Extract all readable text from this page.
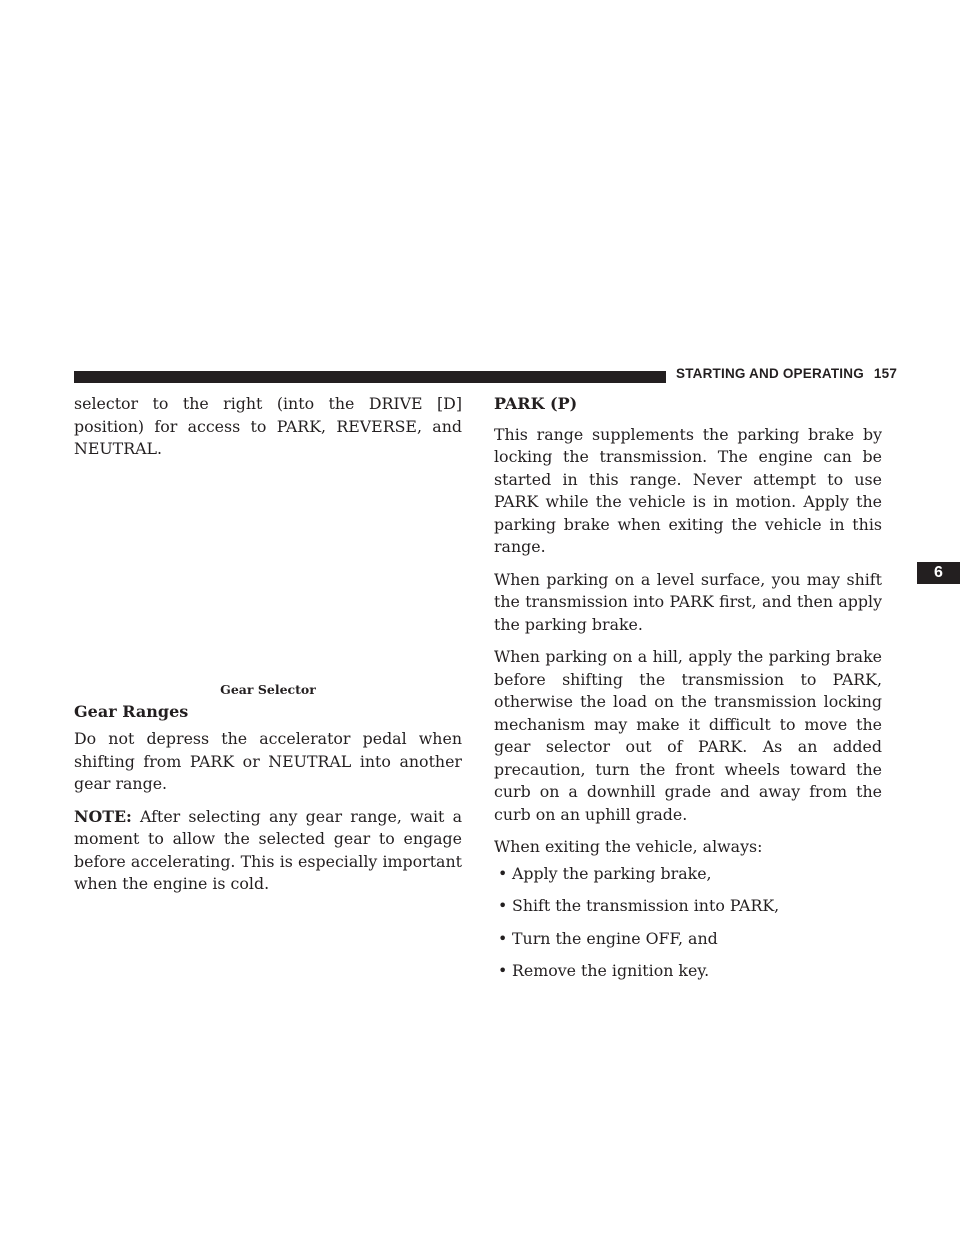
STARTING AND OPERATING 157

selector to the right (into the DRIVE [D] position) for access to PARK, REVERSE, and NEUTRAL.

Gear Selector
Gear Ranges

Do not depress the accelerator pedal when shifting from PARK or NEUTRAL into another gear range.

NOTE: After selecting any gear range, wait a moment to allow the selected gear to engage before accelerating. This is especially important when the engine is cold.

PARK (P)

This range supplements the parking brake by locking the transmission. The engine can be started in this range. Never attempt to use PARK while the vehicle is in motion. Apply the parking brake when exiting the vehicle in this range.

When parking on a level surface, you may shift the transmission into PARK first, and then apply the parking brake.

When parking on a hill, apply the parking brake before shifting the transmission to PARK, otherwise the load on the transmission locking mechanism may make it difficult to move the gear selector out of PARK. As an added precaution, turn the front wheels toward the curb on a downhill grade and away from the curb on an uphill grade.

When exiting the vehicle, always:

• Apply the parking brake,
• Shift the transmission into PARK,
• Turn the engine OFF, and
• Remove the ignition key.
6
